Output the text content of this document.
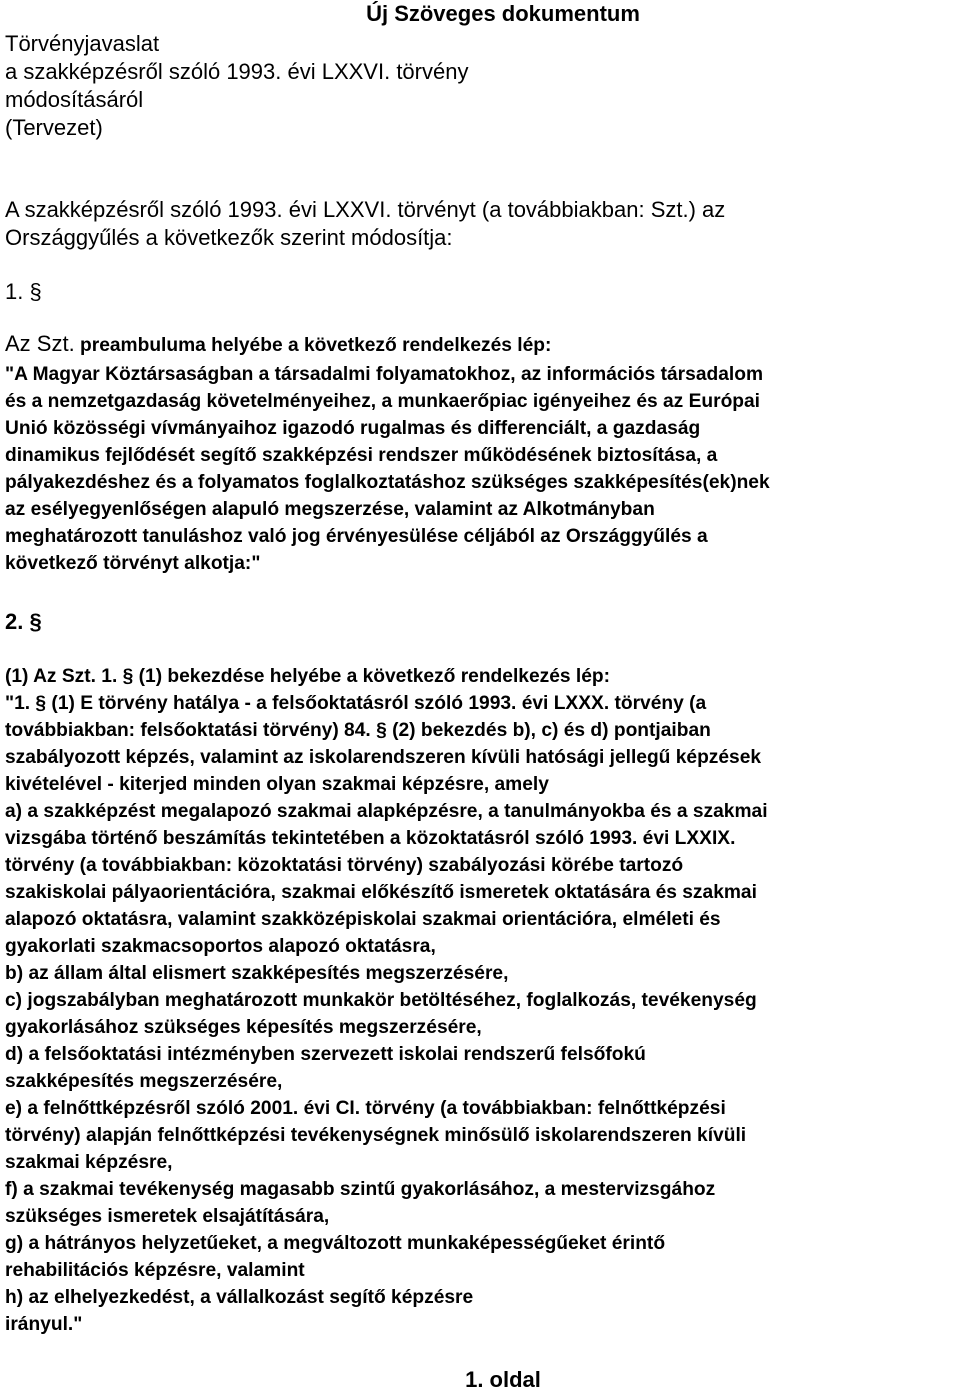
Új Szöveges dokumentum
Törvényjavaslat
a szakképzésről szóló 1993. évi LXXVI. törvény
módosításáról
(Tervezet)
A szakképzésről szóló 1993. évi LXXVI. törvényt (a továbbiakban: Szt.) az
Országgyűlés a következők szerint módosítja:
1. §
Az Szt. preambuluma helyébe a következő rendelkezés lép:
"A Magyar Köztársaságban a társadalmi folyamatokhoz, az információs társadalom
és a nemzetgazdaság követelményeihez, a munkaerőpiac igényeihez és az Európai
Unió közösségi vívmányaihoz igazodó rugalmas és differenciált, a gazdaság
dinamikus fejlődését segítő szakképzési rendszer működésének biztosítása, a
pályakezdéshez és a folyamatos foglalkoztatáshoz szükséges szakképesítés(ek)nek
az esélyegyenlőségen alapuló megszerzése, valamint az Alkotmányban
meghatározott tanuláshoz való jog érvényesülése céljából az Országgyűlés a
következő törvényt alkotja:"
2. §
(1) Az Szt. 1. § (1) bekezdése helyébe a következő rendelkezés lép:
"1. § (1) E törvény hatálya - a felsőoktatásról szóló 1993. évi LXXX. törvény (a
továbbiakban: felsőoktatási törvény) 84. § (2) bekezdés b), c) és d) pontjaiban
szabályozott képzés, valamint az iskolarendszeren kívüli hatósági jellegű képzések
kivételével - kiterjed minden olyan szakmai képzésre, amely
a) a szakképzést megalapozó szakmai alapképzésre, a tanulmányokba és a szakmai
vizsgába történő beszámítás tekintetében a közoktatásról szóló 1993. évi LXXIX.
törvény (a továbbiakban: közoktatási törvény) szabályozási körébe tartozó
szakiskolai pályaorientációra, szakmai előkészítő ismeretek oktatására és szakmai
alapozó oktatásra, valamint szakközépiskolai szakmai orientációra, elméleti és
gyakorlati szakmacsoportos alapozó oktatásra,
b) az állam által elismert szakképesítés megszerzésére,
c) jogszabályban meghatározott munkakör betöltéséhez, foglalkozás, tevékenység
gyakorlásához szükséges képesítés megszerzésére,
d) a felsőoktatási intézményben szervezett iskolai rendszerű felsőfokú
szakképesítés megszerzésére,
e) a felnőttképzésről szóló 2001. évi CI. törvény (a továbbiakban: felnőttképzési
törvény) alapján felnőttképzési tevékenységnek minősülő iskolarendszeren kívüli
szakmai képzésre,
f) a szakmai tevékenység magasabb szintű gyakorlásához, a mestervizsgához
szükséges ismeretek elsajátítására,
g) a hátrányos helyzetűeket, a megváltozott munkaképességűeket érintő
rehabilitációs képzésre, valamint
h) az elhelyezkedést, a vállalkozást segítő képzésre
irányul."
1. oldal
